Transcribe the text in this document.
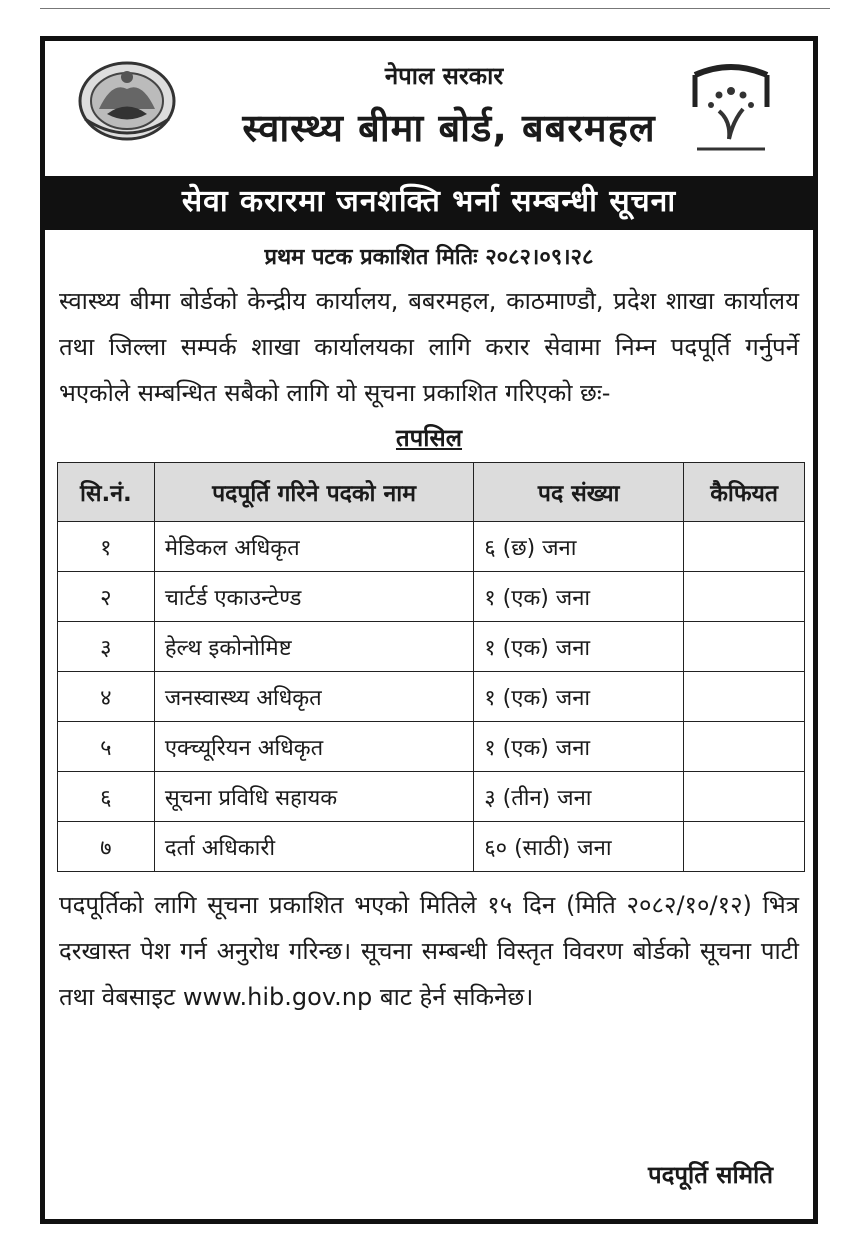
नेपाल सरकार
स्वास्थ्य बीमा बोर्ड, बबरमहल
सेवा करारमा जनशक्ति भर्ना सम्बन्धी सूचना
प्रथम पटक प्रकाशित मितिः २०८२।०९।२८
स्वास्थ्य बीमा बोर्डको केन्द्रीय कार्यालय, बबरमहल, काठमाण्डौ, प्रदेश शाखा कार्यालय तथा जिल्ला सम्पर्क शाखा कार्यालयका लागि करार सेवामा निम्न पदपूर्ति गर्नुपर्ने भएकोले सम्बन्धित सबैको लागि यो सूचना प्रकाशित गरिएको छः-
तपसिल
सि.नं.	पदपूर्ति गरिने पदको नाम	पद संख्या	कैफियत
१	मेडिकल अधिकृत	६ (छ) जना	
२	चार्टर्ड एकाउन्टेण्ड	१ (एक) जना	
३	हेल्थ इकोनोमिष्ट	१ (एक) जना	
४	जनस्वास्थ्य अधिकृत	१ (एक) जना	
५	एक्च्यूरियन अधिकृत	१ (एक) जना	
६	सूचना प्रविधि सहायक	३ (तीन) जना	
७	दर्ता अधिकारी	६० (साठी) जना	
पदपूर्तिको लागि सूचना प्रकाशित भएको मितिले १५ दिन (मिति २०८२/१०/१२) भित्र दरखास्त पेश गर्न अनुरोध गरिन्छ। सूचना सम्बन्धी विस्तृत विवरण बोर्डको सूचना पाटी तथा वेबसाइट www.hib.gov.np बाट हेर्न सकिनेछ।
पदपूर्ति समिति
